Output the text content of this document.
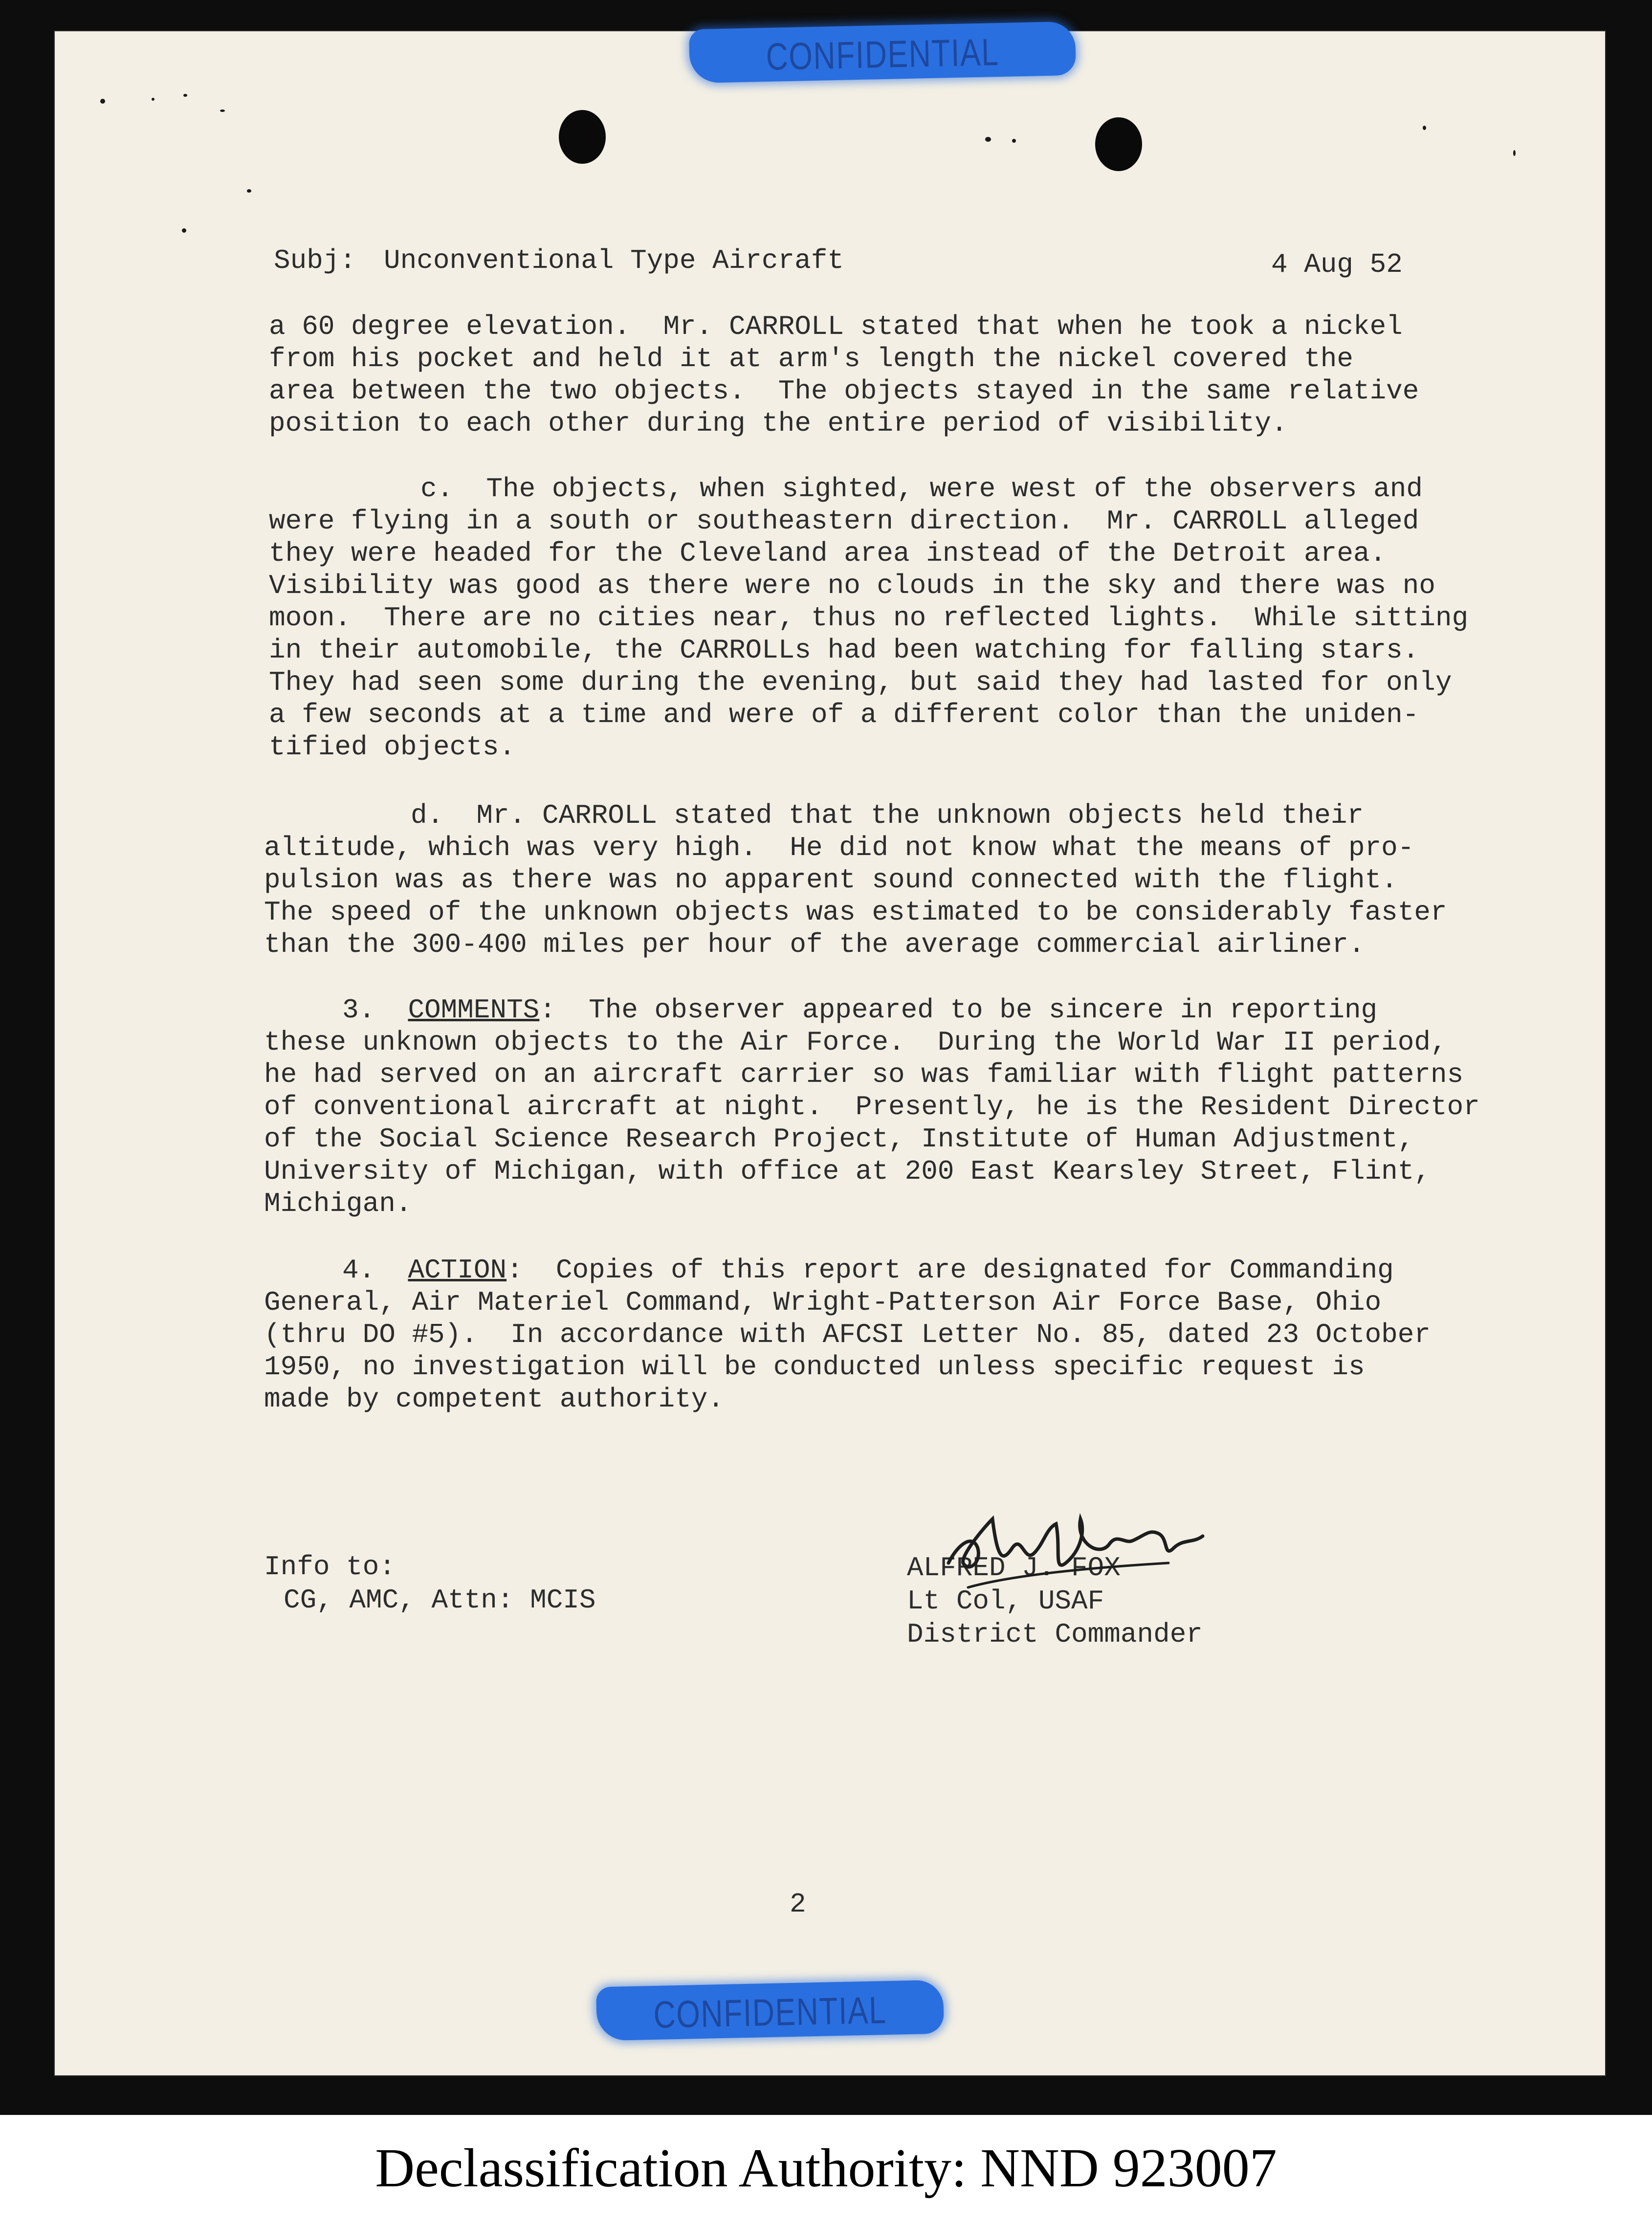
CONFIDENTIAL
Subj: Unconventional Type Aircraft	4 Aug 52
a 60 degree elevation.  Mr. CARROLL stated that when he took a nickel
from his pocket and held it at arm's length the nickel covered the
area between the two objects.  The objects stayed in the same relative
position to each other during the entire period of visibility.
c.  The objects, when sighted, were west of the observers and
were flying in a south or southeastern direction.  Mr. CARROLL alleged
they were headed for the Cleveland area instead of the Detroit area.
Visibility was good as there were no clouds in the sky and there was no
moon.  There are no cities near, thus no reflected lights.  While sitting
in their automobile, the CARROLLs had been watching for falling stars.
They had seen some during the evening, but said they had lasted for only
a few seconds at a time and were of a different color than the uniden-
tified objects.
d.  Mr. CARROLL stated that the unknown objects held their
altitude, which was very high.  He did not know what the means of pro-
pulsion was as there was no apparent sound connected with the flight.
The speed of the unknown objects was estimated to be considerably faster
than the 300-400 miles per hour of the average commercial airliner.
3. COMMENTS:  The observer appeared to be sincere in reporting
these unknown objects to the Air Force.  During the World War II period,
he had served on an aircraft carrier so was familiar with flight patterns
of conventional aircraft at night.  Presently, he is the Resident Director
of the Social Science Research Project, Institute of Human Adjustment,
University of Michigan, with office at 200 East Kearsley Street, Flint,
Michigan.
4. ACTION:  Copies of this report are designated for Commanding
General, Air Materiel Command, Wright-Patterson Air Force Base, Ohio
(thru DO #5).  In accordance with AFCSI Letter No. 85, dated 23 October
1950, no investigation will be conducted unless specific request is
made by competent authority.
Info to:
CG, AMC, Attn: MCIS
ALFRED J. FOX
Lt Col, USAF
District Commander
2
CONFIDENTIAL
Declassification Authority: NND 923007
